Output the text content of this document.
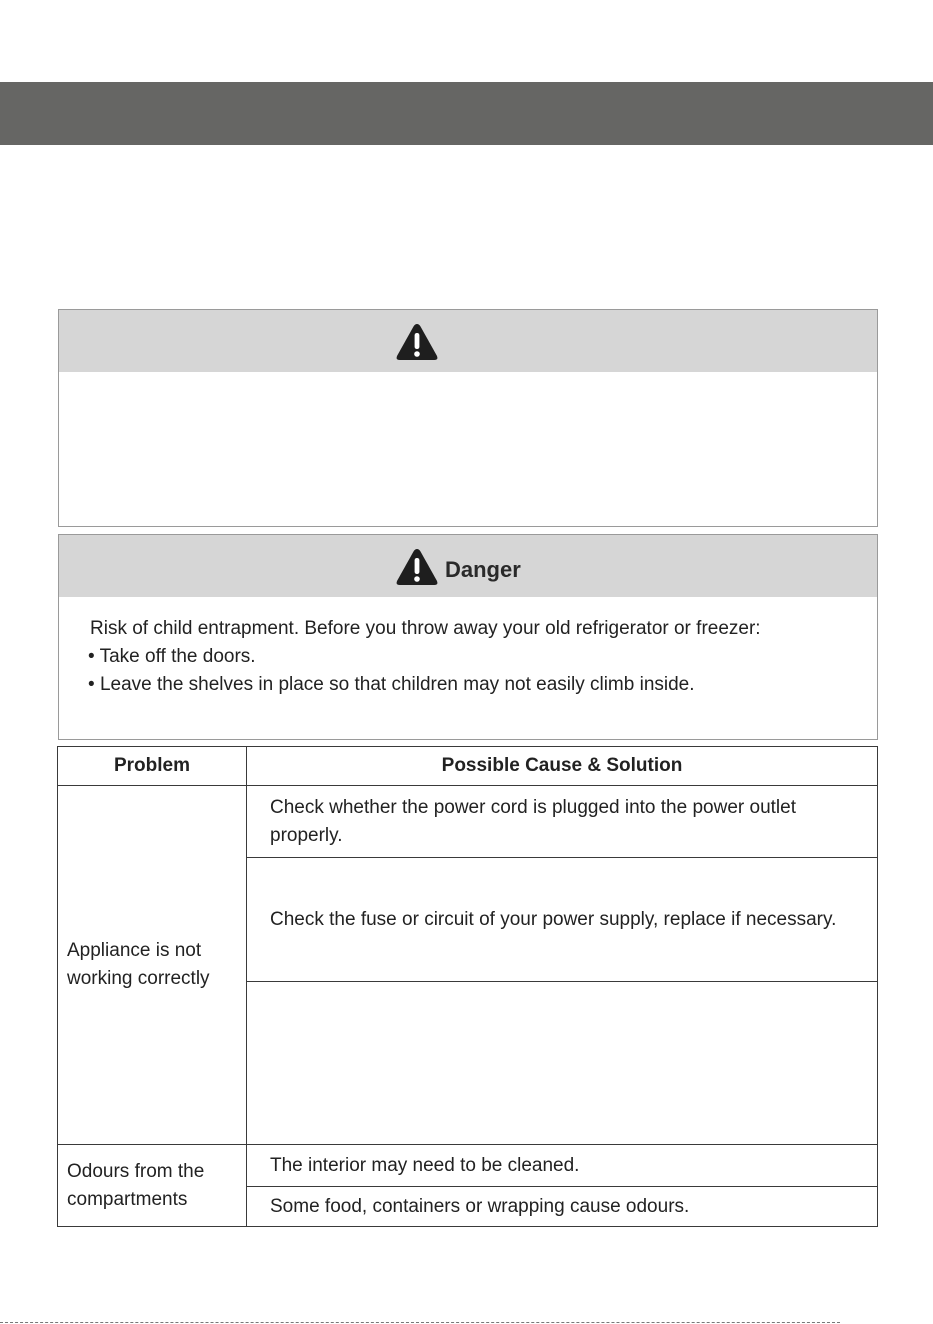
Danger
Risk of child entrapment. Before you throw away your old refrigerator or freezer:
• Take off the doors.
• Leave the shelves in place so that children may not easily climb inside.
Problem	Possible Cause & Solution
Appliance is not working correctly	Check whether the power cord is plugged into the power outlet properly.
	Check the fuse or circuit of your power supply, replace if necessary.

Odours from the compartments	The interior may need to be cleaned.
	Some food, containers or wrapping cause odours.
